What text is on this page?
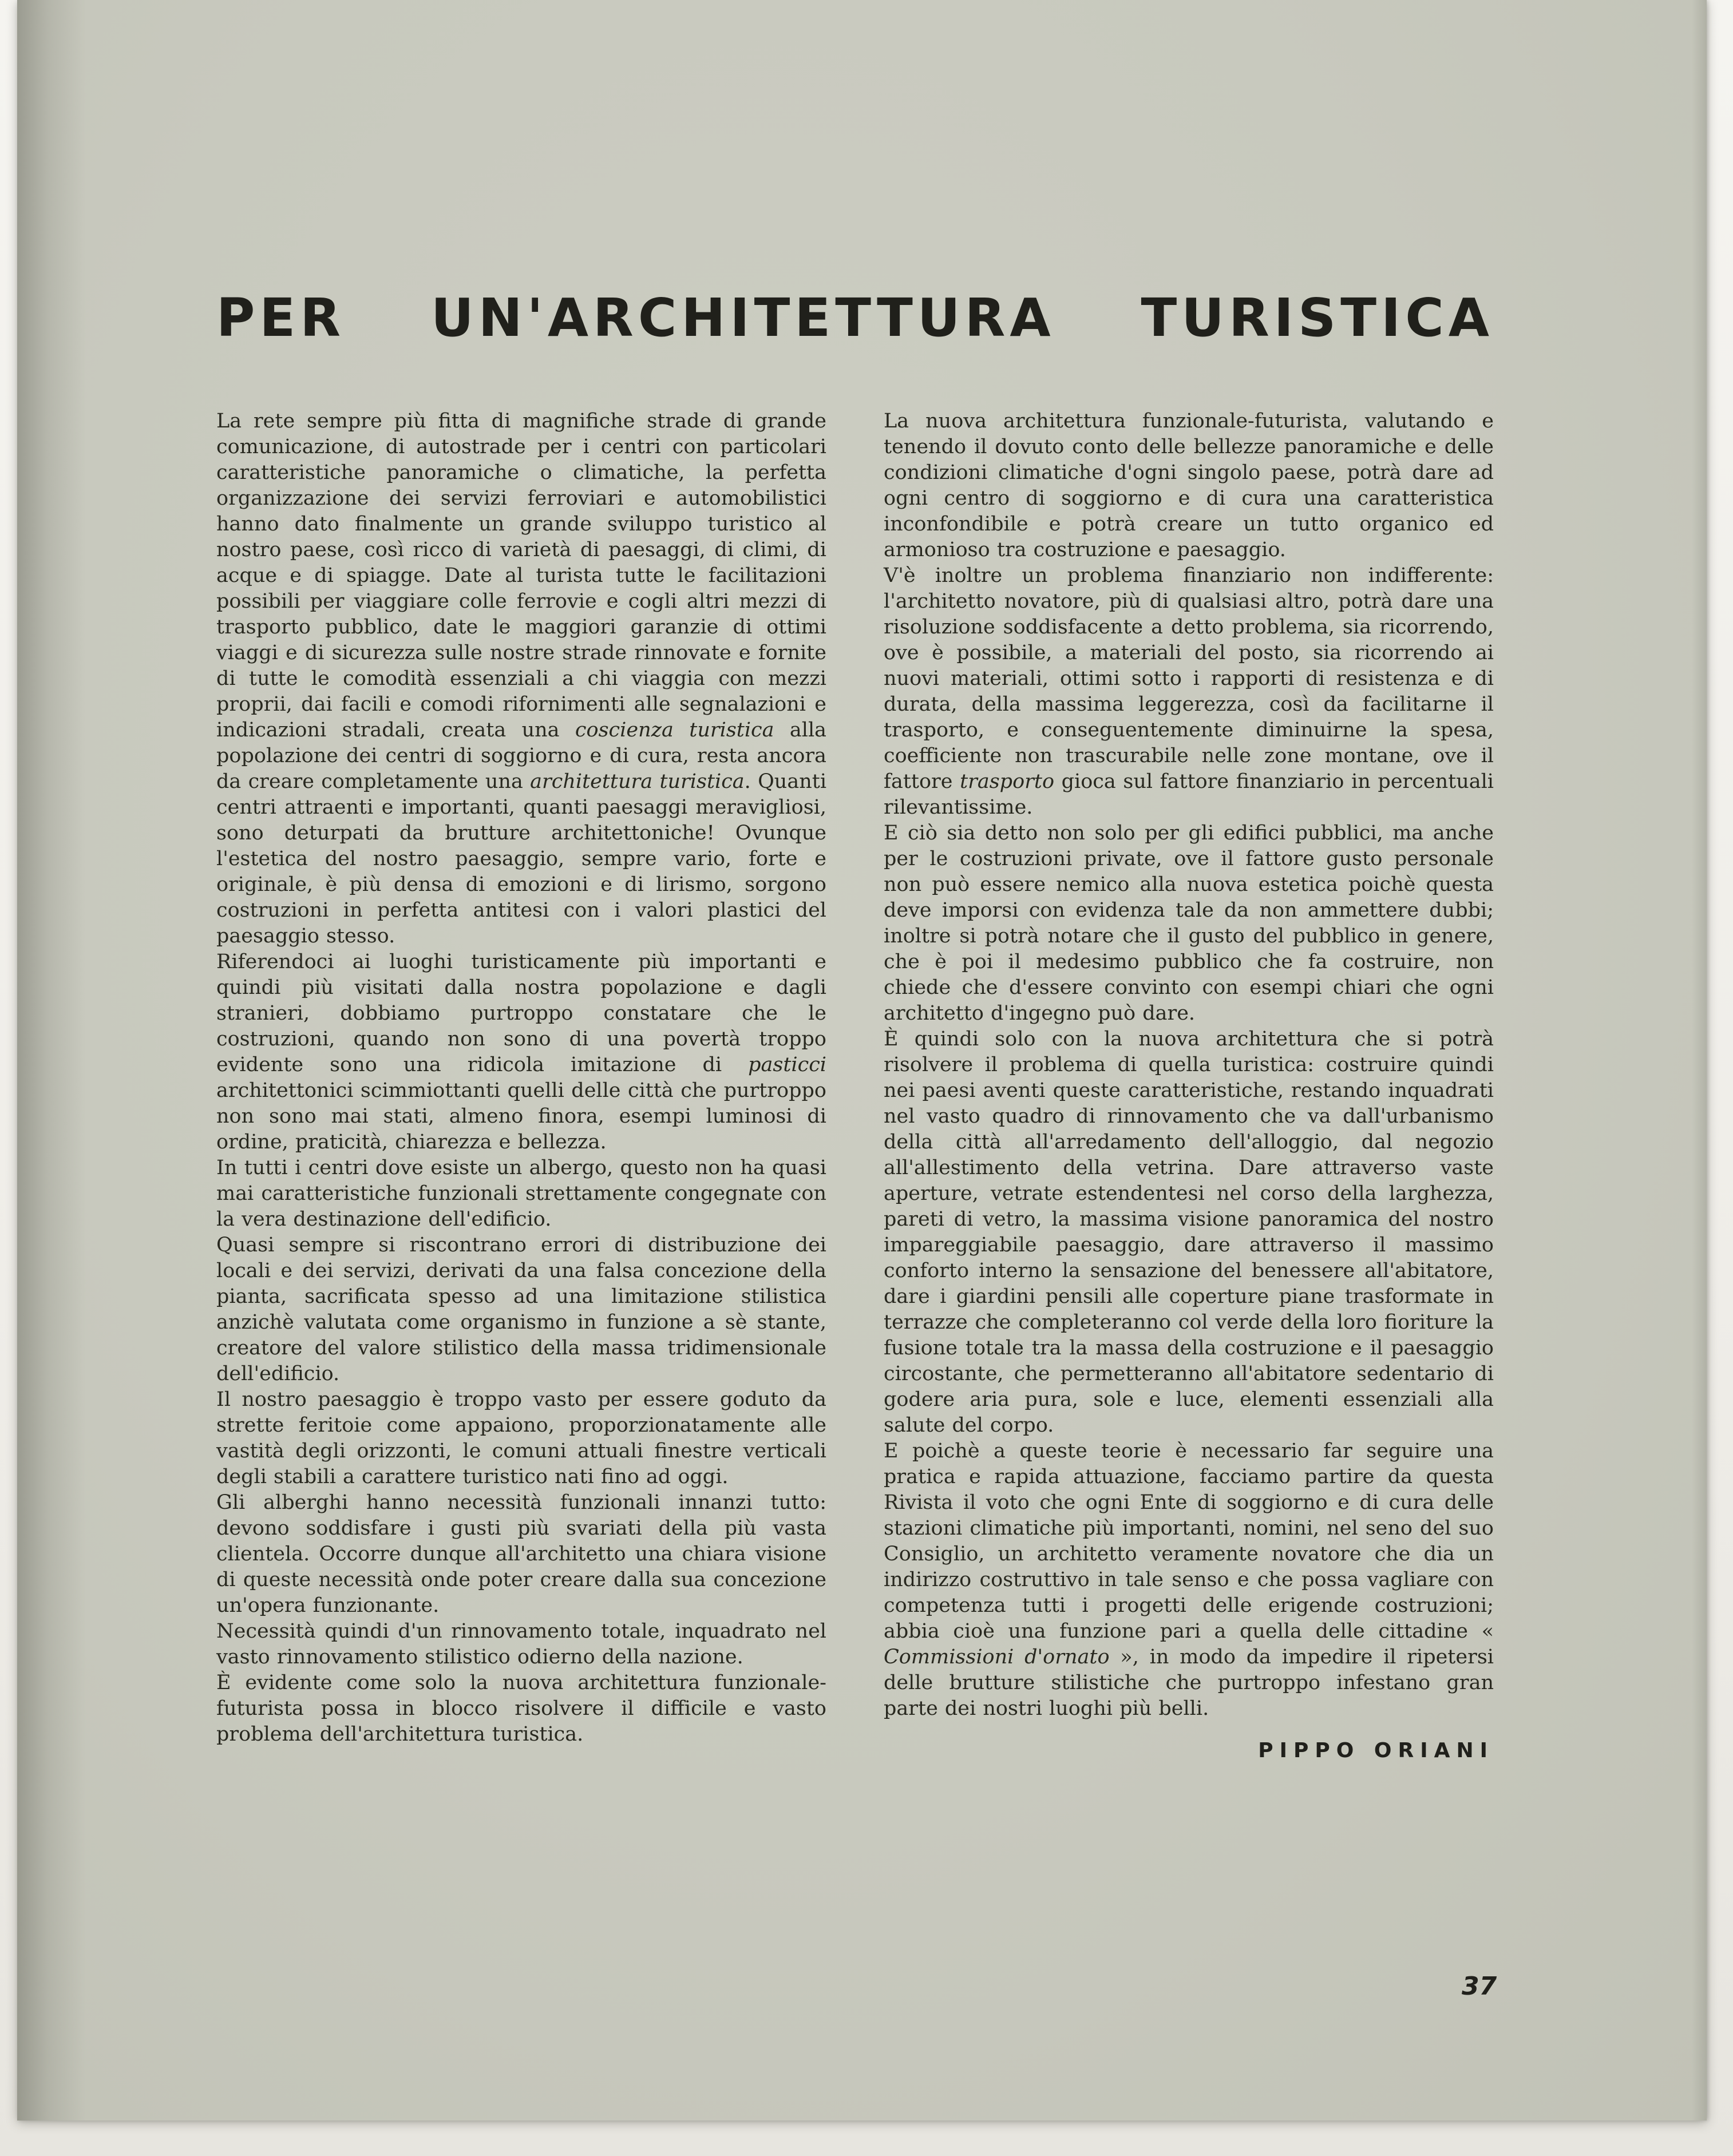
PER UN'ARCHITETTURA TURISTICA

La rete sempre più fitta di magnifiche strade di grande comunicazione, di autostrade per i centri con particolari caratteristiche panoramiche o climatiche, la perfetta organizzazione dei servizi ferroviari e automobilistici hanno dato finalmente un grande sviluppo turistico al nostro paese, così ricco di varietà di paesaggi, di climi, di acque e di spiagge. Date al turista tutte le facilitazioni possibili per viaggiare colle ferrovie e cogli altri mezzi di trasporto pubblico, date le maggiori garanzie di ottimi viaggi e di sicurezza sulle nostre strade rinnovate e fornite di tutte le comodità essenziali a chi viaggia con mezzi proprii, dai facili e comodi rifornimenti alle segnalazioni e indicazioni stradali, creata una coscienza turistica alla popolazione dei centri di soggiorno e di cura, resta ancora da creare completamente una architettura turistica. Quanti centri attraenti e importanti, quanti paesaggi meravigliosi, sono deturpati da brutture architettoniche! Ovunque l'estetica del nostro paesaggio, sempre vario, forte e originale, è più densa di emozioni e di lirismo, sorgono costruzioni in perfetta antitesi con i valori plastici del paesaggio stesso.

Riferendoci ai luoghi turisticamente più importanti e quindi più visitati dalla nostra popolazione e dagli stranieri, dobbiamo purtroppo constatare che le costruzioni, quando non sono di una povertà troppo evidente sono una ridicola imitazione di pasticci architettonici scimmiottanti quelli delle città che purtroppo non sono mai stati, almeno finora, esempi luminosi di ordine, praticità, chiarezza e bellezza.

In tutti i centri dove esiste un albergo, questo non ha quasi mai caratteristiche funzionali strettamente congegnate con la vera destinazione dell'edificio.

Quasi sempre si riscontrano errori di distribuzione dei locali e dei servizi, derivati da una falsa concezione della pianta, sacrificata spesso ad una limitazione stilistica anzichè valutata come organismo in funzione a sè stante, creatore del valore stilistico della massa tridimensionale dell'edificio.

Il nostro paesaggio è troppo vasto per essere goduto da strette feritoie come appaiono, proporzionatamente alle vastità degli orizzonti, le comuni attuali finestre verticali degli stabili a carattere turistico nati fino ad oggi.

Gli alberghi hanno necessità funzionali innanzi tutto: devono soddisfare i gusti più svariati della più vasta clientela. Occorre dunque all'architetto una chiara visione di queste necessità onde poter creare dalla sua concezione un'opera funzionante.

Necessità quindi d'un rinnovamento totale, inquadrato nel vasto rinnovamento stilistico odierno della nazione.

È evidente come solo la nuova architettura funzionale-futurista possa in blocco risolvere il difficile e vasto problema dell'architettura turistica.

La nuova architettura funzionale-futurista, valutando e tenendo il dovuto conto delle bellezze panoramiche e delle condizioni climatiche d'ogni singolo paese, potrà dare ad ogni centro di soggiorno e di cura una caratteristica inconfondibile e potrà creare un tutto organico ed armonioso tra costruzione e paesaggio.

V'è inoltre un problema finanziario non indifferente: l'architetto novatore, più di qualsiasi altro, potrà dare una risoluzione soddisfacente a detto problema, sia ricorrendo, ove è possibile, a materiali del posto, sia ricorrendo ai nuovi materiali, ottimi sotto i rapporti di resistenza e di durata, della massima leggerezza, così da facilitarne il trasporto, e conseguentemente diminuirne la spesa, coefficiente non trascurabile nelle zone montane, ove il fattore trasporto gioca sul fattore finanziario in percentuali rilevantissime.

E ciò sia detto non solo per gli edifici pubblici, ma anche per le costruzioni private, ove il fattore gusto personale non può essere nemico alla nuova estetica poichè questa deve imporsi con evidenza tale da non ammettere dubbi; inoltre si potrà notare che il gusto del pubblico in genere, che è poi il medesimo pubblico che fa costruire, non chiede che d'essere convinto con esempi chiari che ogni architetto d'ingegno può dare.

È quindi solo con la nuova architettura che si potrà risolvere il problema di quella turistica: costruire quindi nei paesi aventi queste caratteristiche, restando inquadrati nel vasto quadro di rinnovamento che va dall'urbanismo della città all'arredamento dell'alloggio, dal negozio all'allestimento della vetrina. Dare attraverso vaste aperture, vetrate estendentesi nel corso della larghezza, pareti di vetro, la massima visione panoramica del nostro impareggiabile paesaggio, dare attraverso il massimo conforto interno la sensazione del benessere all'abitatore, dare i giardini pensili alle coperture piane trasformate in terrazze che completeranno col verde della loro fioriture la fusione totale tra la massa della costruzione e il paesaggio circostante, che permetteranno all'abitatore sedentario di godere aria pura, sole e luce, elementi essenziali alla salute del corpo.

E poichè a queste teorie è necessario far seguire una pratica e rapida attuazione, facciamo partire da questa Rivista il voto che ogni Ente di soggiorno e di cura delle stazioni climatiche più importanti, nomini, nel seno del suo Consiglio, un architetto veramente novatore che dia un indirizzo costruttivo in tale senso e che possa vagliare con competenza tutti i progetti delle erigende costruzioni; abbia cioè una funzione pari a quella delle cittadine « Commissioni d'ornato », in modo da impedire il ripetersi delle brutture stilistiche che purtroppo infestano gran parte dei nostri luoghi più belli.

PIPPO ORIANI
37
